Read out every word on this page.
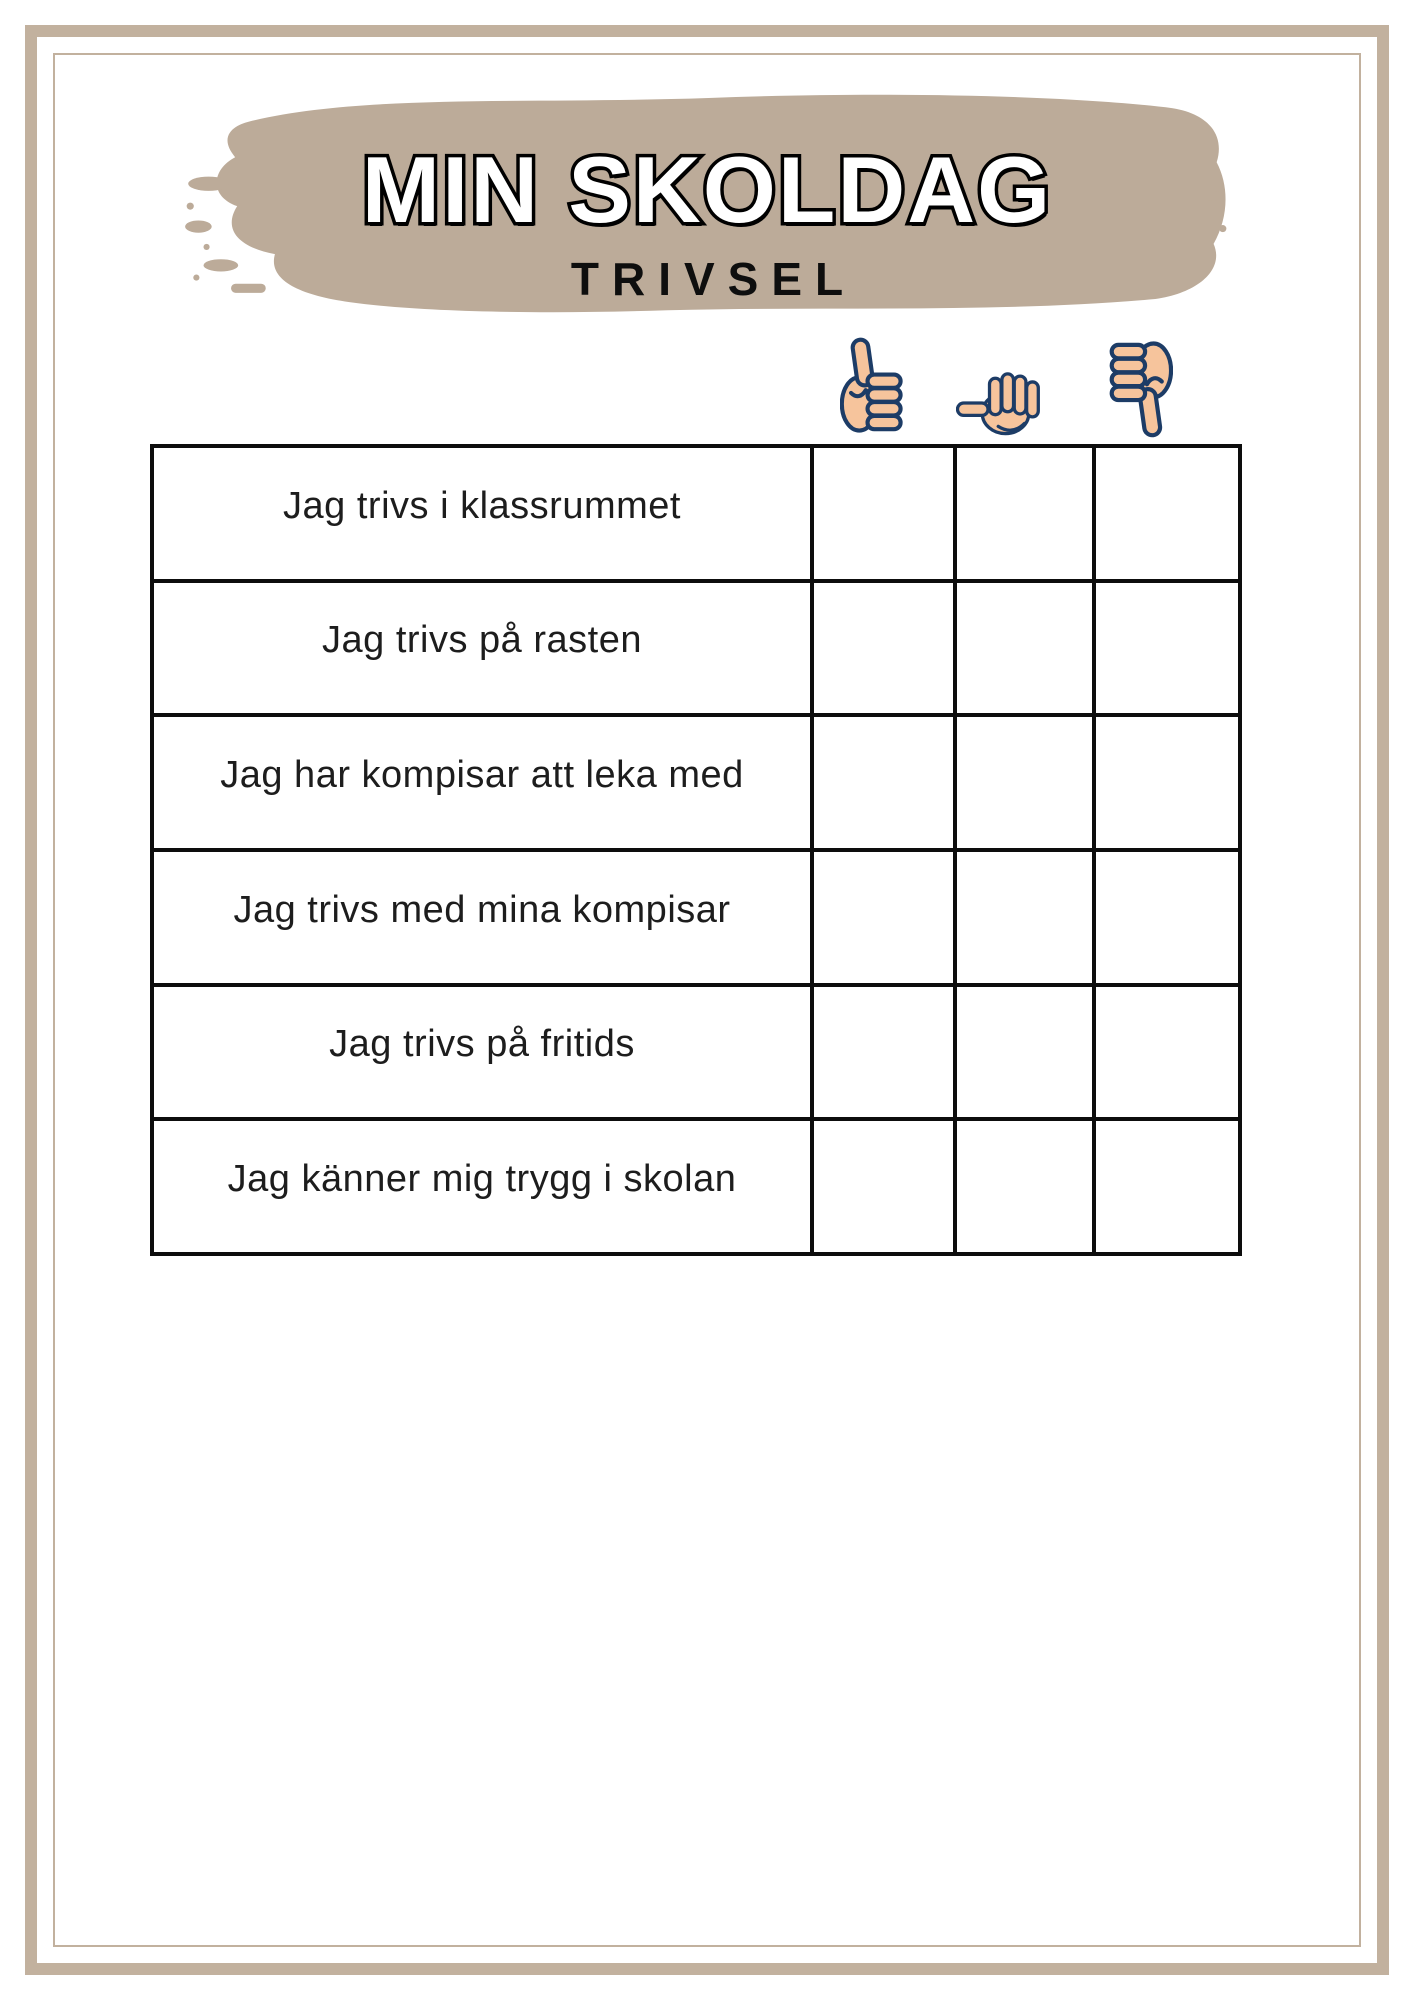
MIN SKOLDAG
TRIVSEL
Jag trivs i klassrummet			
Jag trivs på rasten			
Jag har kompisar att leka med			
Jag trivs med mina kompisar			
Jag trivs på fritids			
Jag känner mig trygg i skolan			
